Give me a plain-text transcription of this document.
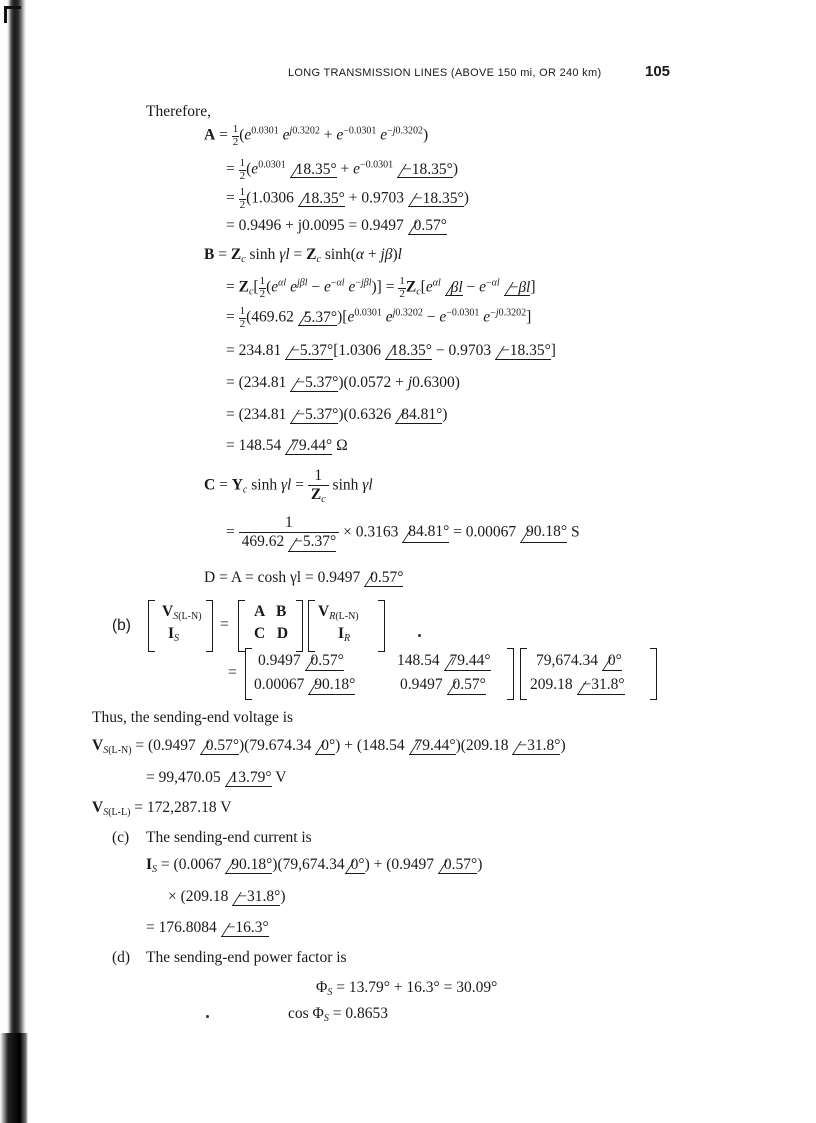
LONG TRANSMISSION LINES (ABOVE 150 mi, OR 240 km)	105
Therefore,
$A = \frac{1}{2} (e^{0.0301}$ $e^{j0.3202} + e^{-0.0301}$ $e^{-j0.3202}$)
= $\frac{1}{2} (e^{0.0301}$ $18.35^\circ + e^{-0.0301} -18.35^\circ$)
= $\frac{1}{2} (1.0306$ 18.35° + 0.9703 −18.35°)
= 0.9496 + j0.0095 = 0.9497 0.57°
$B = Z_c$ $\sinh \gamma l = Z_c$ sinh(α + jβ)l
= $Z_c[ \frac{1}{2} (e^{\alpha l}$ $e^{j\beta l} - e^{-\alpha l}$ $e^{-j\beta l})] = \frac{1}{2} Z_c[e^{\alpha l}$ $\beta l - e^{-\alpha l} -\beta l$]
= $\frac{1}{2} (469.62$ $5.37^\circ)[e^{0.0301}$ $e^{j0.3202} - e^{-0.0301}$ $e^{-j0.3202}$]
= 234.81 −5.37°[1.0306 18.35° − 0.9703 −18.35°]
= (234.81 −5.37°)(0.0572 + j0.6300)
= (234.81 −5.37°)(0.6326 84.81°)
= 148.54 79.44° Ω
$C = Y_c$ $\sinh \gamma l = \frac{1}{Z_c}$ sinh γl
= $\frac{1}{469.62 -5.37^\circ} \times 0.3163$ 84.81° = 0.00067 90.18° S
D = A = cosh γl = 0.9497 0.57°
(b)
$V_{S(L-N)}$
$I_S$
=
A   B
C   D
$V_{R(L-N)}$
$I_R$
=
0.9497 0.57°	148.54 79.44°
0.00067 90.18°	0.9497 0.57°
79,674.34 0°
209.18 −31.8°
Thus, the sending-end voltage is
$V_{S(L-N)} = (0.9497$ 0.57°)(79.674.34 0°) + (148.54 79.44°)(209.18 −31.8°)
= 99,470.05 13.79° V
$V_{S(L-L)} = 172,287.18$ V
(c) The sending-end current is
$I_S = (0.0067$ 90.18°)(79,674.34 0°) + (0.9497 0.57°)
× (209.18 −31.8°)
= 176.8084 −16.3°
(d) The sending-end power factor is
$\Phi_S = 13.79^\circ + 16.3^\circ = 30.09^\circ$
$\cos \Phi_S = 0.8653$
